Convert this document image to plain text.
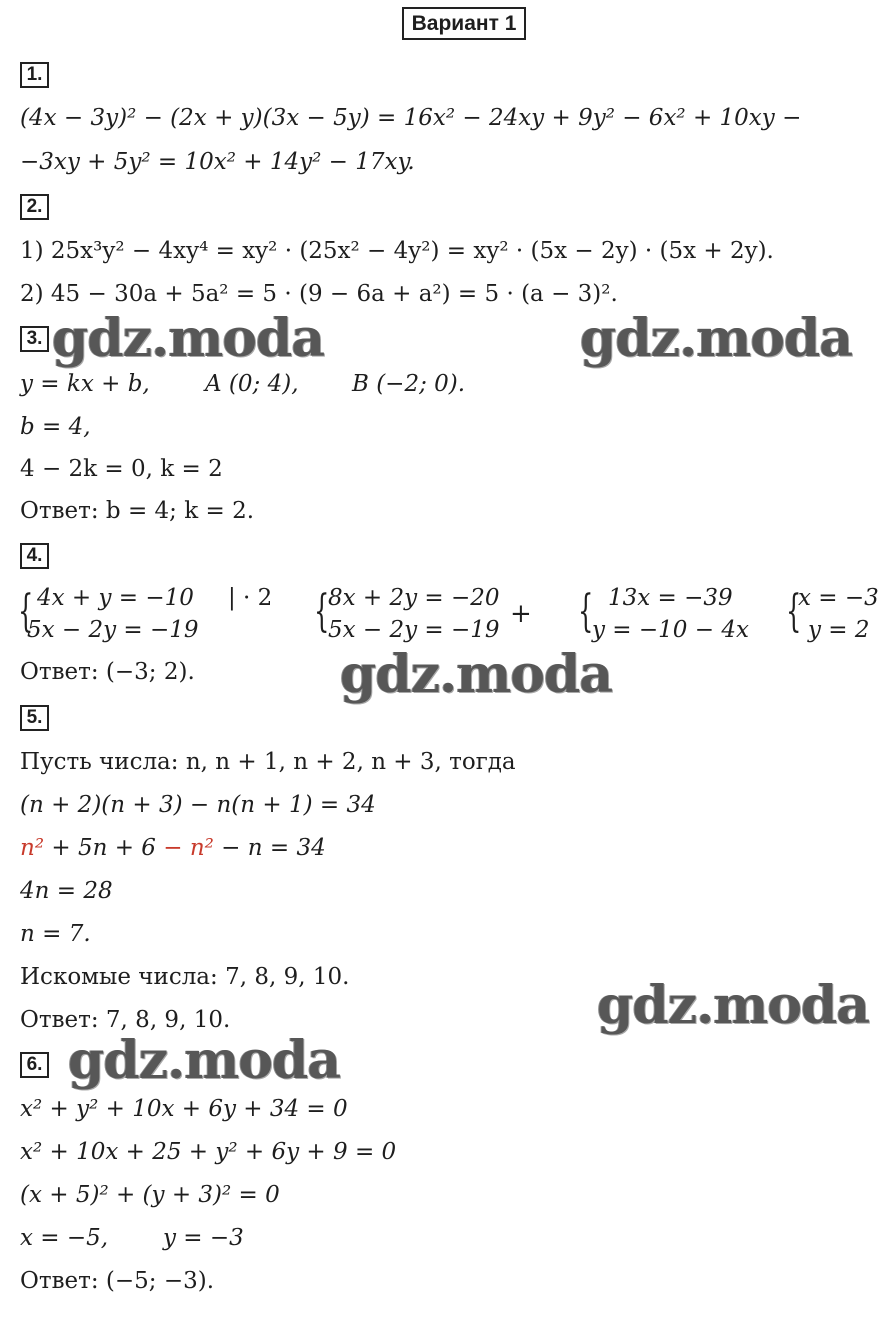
Вариант 1
1.
(4x − 3y)² − (2x + y)(3x − 5y) = 16x² − 24xy + 9y² − 6x² + 10xy −
−3xy + 5y² = 10x² + 14y² − 17xy.
2.
1) 25x³y² − 4xy⁴ = xy² · (25x² − 4y²) = xy² · (5x − 2y) · (5x + 2y).
2) 45 − 30a + 5a² = 5 · (9 − 6a + a²) = 5 · (a − 3)².
3.
y = kx + b, A (0; 4), B (−2; 0).
b = 4,
4 − 2k = 0, k = 2
Ответ: b = 4; k = 2.
4.
{ 4x + y = −10 | · 2
5x − 2y = −19	{
8x + 2y = −20
5x − 2y = −19
+ { 13x = −39
y = −10 − 4x {
x = −3
y = 2
Ответ: (−3; 2).
5.
Пусть числа: n, n + 1, n + 2, n + 3, тогда
(n + 2)(n + 3) − n(n + 1) = 34
n² + 5n + 6 − n² − n = 34
4n = 28
n = 7.
Искомые числа: 7, 8, 9, 10.
Ответ: 7, 8, 9, 10.
6.
x² + y² + 10x + 6y + 34 = 0
x² + 10x + 25 + y² + 6y + 9 = 0
(x + 5)² + (y + 3)² = 0
x = −5, y = −3
Ответ: (−5; −3).
gdz.moda	gdz.moda
gdz.moda
gdz.moda
gdz.moda
